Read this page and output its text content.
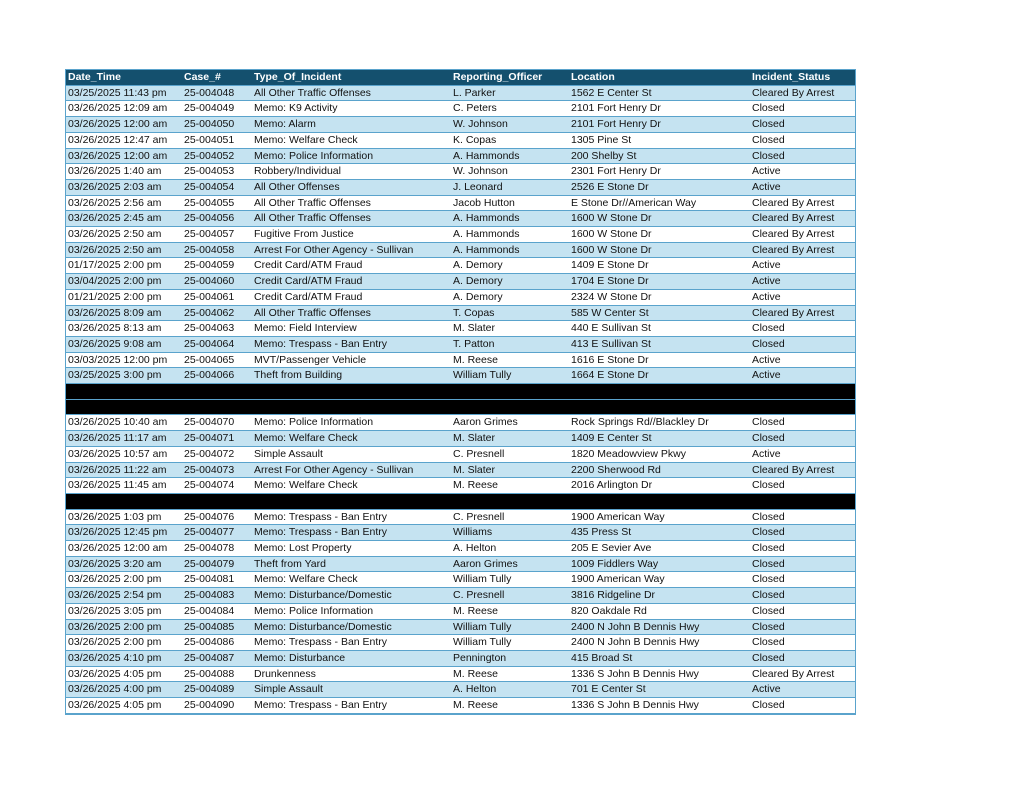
Date_Time	Case_#	Type_Of_Incident	Reporting_Officer	Location	Incident_Status
03/25/2025 11:43 pm	25-004048	All Other Traffic Offenses	L. Parker	1562 E Center St	Cleared By Arrest
03/26/2025 12:09 am	25-004049	Memo: K9 Activity	C. Peters	2101 Fort Henry Dr	Closed
03/26/2025 12:00 am	25-004050	Memo: Alarm	W. Johnson	2101 Fort Henry Dr	Closed
03/26/2025 12:47 am	25-004051	Memo: Welfare Check	K. Copas	1305 Pine St	Closed
03/26/2025 12:00 am	25-004052	Memo: Police Information	A. Hammonds	200 Shelby St	Closed
03/26/2025 1:40 am	25-004053	Robbery/Individual	W. Johnson	2301 Fort Henry Dr	Active
03/26/2025 2:03 am	25-004054	All Other Offenses	J. Leonard	2526 E Stone Dr	Active
03/26/2025 2:56 am	25-004055	All Other Traffic Offenses	Jacob Hutton	E Stone Dr//American Way	Cleared By Arrest
03/26/2025 2:45 am	25-004056	All Other Traffic Offenses	A. Hammonds	1600 W Stone Dr	Cleared By Arrest
03/26/2025 2:50 am	25-004057	Fugitive From Justice	A. Hammonds	1600 W Stone Dr	Cleared By Arrest
03/26/2025 2:50 am	25-004058	Arrest For Other Agency - Sullivan	A. Hammonds	1600 W Stone Dr	Cleared By Arrest
01/17/2025 2:00 pm	25-004059	Credit Card/ATM Fraud	A. Demory	1409 E Stone Dr	Active
03/04/2025 2:00 pm	25-004060	Credit Card/ATM Fraud	A. Demory	1704 E Stone Dr	Active
01/21/2025 2:00 pm	25-004061	Credit Card/ATM Fraud	A. Demory	2324 W Stone Dr	Active
03/26/2025 8:09 am	25-004062	All Other Traffic Offenses	T. Copas	585 W Center St	Cleared By Arrest
03/26/2025 8:13 am	25-004063	Memo: Field Interview	M. Slater	440 E Sullivan St	Closed
03/26/2025 9:08 am	25-004064	Memo: Trespass - Ban Entry	T. Patton	413 E Sullivan St	Closed
03/03/2025 12:00 pm	25-004065	MVT/Passenger Vehicle	M. Reese	1616 E Stone Dr	Active
03/25/2025 3:00 pm	25-004066	Theft from Building	William Tully	1664 E Stone Dr	Active

03/26/2025 10:40 am	25-004070	Memo: Police Information	Aaron Grimes	Rock Springs Rd//Blackley Dr	Closed
03/26/2025 11:17 am	25-004071	Memo: Welfare Check	M. Slater	1409 E Center St	Closed
03/26/2025 10:57 am	25-004072	Simple Assault	C. Presnell	1820 Meadowview Pkwy	Active
03/26/2025 11:22 am	25-004073	Arrest For Other Agency - Sullivan	M. Slater	2200 Sherwood Rd	Cleared By Arrest
03/26/2025 11:45 am	25-004074	Memo: Welfare Check	M. Reese	2016 Arlington Dr	Closed

03/26/2025 1:03 pm	25-004076	Memo: Trespass - Ban Entry	C. Presnell	1900 American Way	Closed
03/26/2025 12:45 pm	25-004077	Memo: Trespass - Ban Entry	Williams	435 Press St	Closed
03/26/2025 12:00 am	25-004078	Memo: Lost Property	A. Helton	205 E Sevier Ave	Closed
03/26/2025 3:20 am	25-004079	Theft from Yard	Aaron Grimes	1009 Fiddlers Way	Closed
03/26/2025 2:00 pm	25-004081	Memo: Welfare Check	William Tully	1900 American Way	Closed
03/26/2025 2:54 pm	25-004083	Memo: Disturbance/Domestic	C. Presnell	3816 Ridgeline Dr	Closed
03/26/2025 3:05 pm	25-004084	Memo: Police Information	M. Reese	820 Oakdale Rd	Closed
03/26/2025 2:00 pm	25-004085	Memo: Disturbance/Domestic	William Tully	2400 N John B Dennis Hwy	Closed
03/26/2025 2:00 pm	25-004086	Memo: Trespass - Ban Entry	William Tully	2400 N John B Dennis Hwy	Closed
03/26/2025 4:10 pm	25-004087	Memo: Disturbance	Pennington	415 Broad St	Closed
03/26/2025 4:05 pm	25-004088	Drunkenness	M. Reese	1336 S John B Dennis Hwy	Cleared By Arrest
03/26/2025 4:00 pm	25-004089	Simple Assault	A. Helton	701 E Center St	Active
03/26/2025 4:05 pm	25-004090	Memo: Trespass - Ban Entry	M. Reese	1336 S John B Dennis Hwy	Closed
